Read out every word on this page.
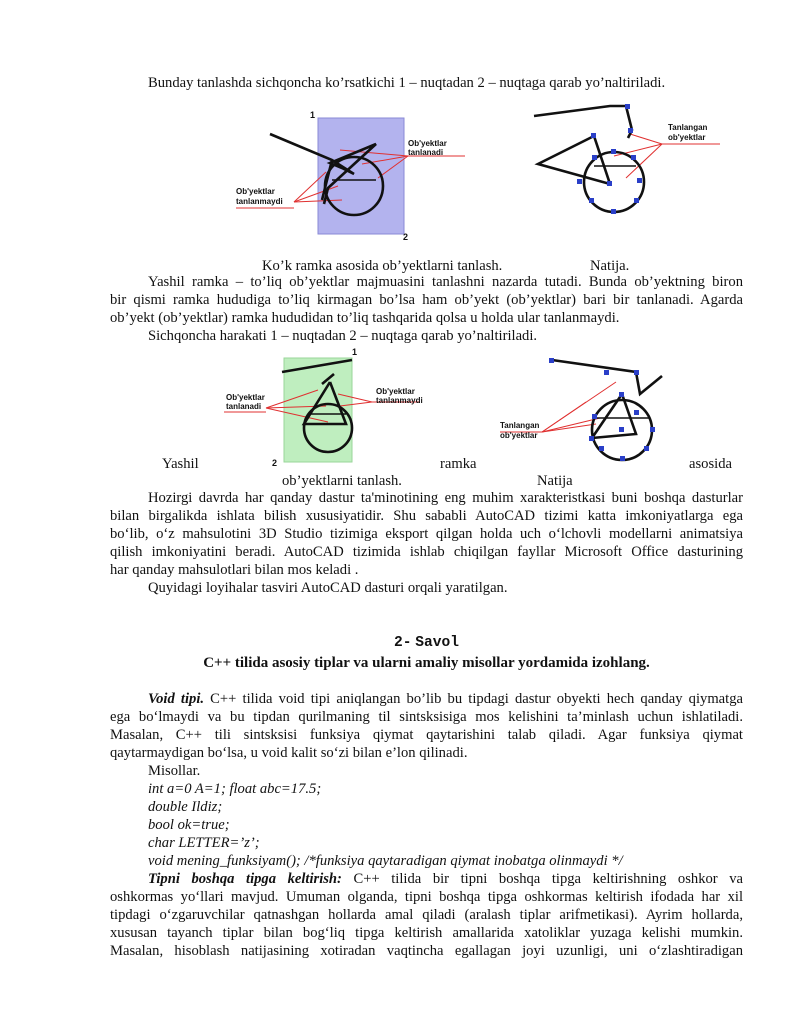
Bunday tanlashda sichqoncha ko’rsatkichi 1 – nuqtadan 2 – nuqtaga qarab yo’naltiriladi.
1
2
Ob'yektlar
tanlanadi
Ob'yektlar
tanlanmaydi
Tanlangan
ob'yektlar
Ko’k ramka asosida ob’yektlarni tanlash.	Natija.
Yashil ramka – to’liq ob’yektlar majmuasini tanlashni nazarda tutadi. Bunda ob’yektning biron
bir qismi ramka hududiga to’liq kirmagan bo’lsa ham ob’yekt (ob’yektlar) bari bir tanlanadi. Agarda
ob’yekt (ob’yektlar) ramka hududidan to’liq tashqarida qolsa u holda ular tanlanmaydi.
Sichqoncha harakati 1 – nuqtadan 2 – nuqtaga qarab yo’naltiriladi.
1
2
Ob'yektlar
tanlanadi
Ob'yektlar
tanlanmaydi
Tanlangan
ob'yektlar
Yashil	ramka	asosida
ob’yektlarni tanlash.	Natija
Hozirgi davrda har qanday dastur ta'minotining eng muhim xarakteristkasi buni boshqa dasturlar
bilan birgalikda ishlata bilish xususiyatidir. Shu sababli AutoCAD tizimi katta imkoniyatlarga ega
bo‘lib, o‘z mahsulotini 3D Studio tizimiga eksport qilgan holda uch o‘lchovli modellarni animatsiya
qilish imkoniyatini beradi. AutoCAD tizimida ishlab chiqilgan fayllar Microsoft Office dasturining
har qanday mahsulotlari bilan mos keladi .
Quyidagi loyihalar tasviri AutoCAD dasturi orqali yaratilgan.
2- Savol
C++ tilida asosiy tiplar va ularni amaliy misollar yordamida izohlang.
Void tipi. C++ tilida void tipi aniqlangan bo’lib bu tipdagi dastur obyekti hech qanday qiymatga
ega bo‘lmaydi va bu tipdan qurilmaning til sintsksisiga mos kelishini ta’minlash uchun ishlatiladi.
Masalan, C++ tili sintsksisi funksiya qiymat qaytarishini talab qiladi. Agar funksiya qiymat
qaytarmaydigan bo‘lsa, u void kalit so‘zi bilan e’lon qilinadi.
Misollar.
int a=0 A=1; float abc=17.5;
double Ildiz;
bool ok=true;
char LETTER=’z’;
void mening_funksiyam(); /*funksiya qaytaradigan qiymat inobatga olinmaydi */
Tipni boshqa tipga keltirish: C++ tilida bir tipni boshqa tipga keltirishning oshkor va
oshkormas yo‘llari mavjud. Umuman olganda, tipni boshqa tipga oshkormas keltirish ifodada har xil
tipdagi o‘zgaruvchilar qatnashgan hollarda amal qiladi (aralash tiplar arifmetikasi). Ayrim hollarda,
xususan tayanch tiplar bilan bog‘liq tipga keltirish amallarida xatoliklar yuzaga kelishi mumkin.
Masalan, hisoblash natijasining xotiradan vaqtincha egallagan joyi uzunligi, uni o‘zlashtiradigan
